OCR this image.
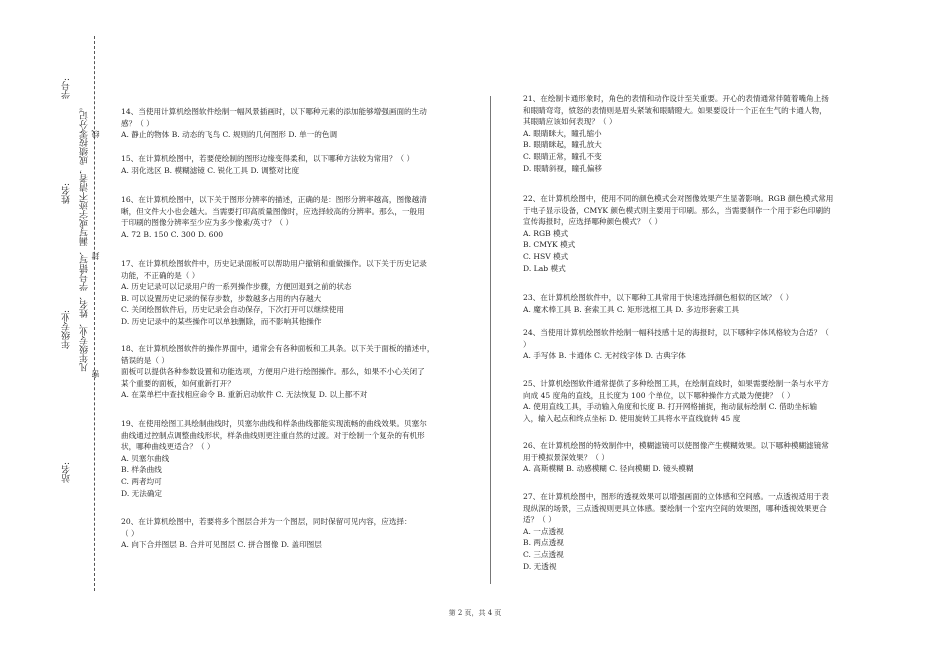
学号:
姓名: 凡年级专业、姓名、学号错写、漏写或字迹不清者，成绩按零分记。
年级专业:
站名:
线
封
密

14、当使用计算机绘图软件绘制一幅风景插画时，以下哪种元素的添加能够增强画面的生动

感？（ ）

A. 静止的物体 B. 动态的飞鸟 C. 规则的几何图形 D. 单一的色调

15、在计算机绘图中，若要使绘制的图形边缘变得柔和，以下哪种方法较为常用？（ ）

A. 羽化选区 B. 模糊滤镜 C. 锐化工具 D. 调整对比度

16、在计算机绘图中，以下关于图形分辨率的描述，正确的是：图形分辨率越高，图像越清

晰，但文件大小也会越大。当需要打印高质量图像时，应选择较高的分辨率。那么，一般用

于印刷的图像分辨率至少应为多少像素/英寸？（ ）

A. 72 B. 150 C. 300 D. 600

17、在计算机绘图软件中，历史记录面板可以帮助用户撤销和重做操作。以下关于历史记录

功能，不正确的是（ ）

A. 历史记录可以记录用户的一系列操作步骤，方便回退到之前的状态

B. 可以设置历史记录的保存步数，步数越多占用的内存越大

C. 关闭绘图软件后，历史记录会自动保存，下次打开可以继续使用

D. 历史记录中的某些操作可以单独删除，而不影响其他操作

18、在计算机绘图软件的操作界面中，通常会有各种面板和工具条。以下关于面板的描述中，

错误的是（ ）

面板可以提供各种参数设置和功能选项，方便用户进行绘图操作。那么，如果不小心关闭了

某个重要的面板，如何重新打开？

A. 在菜单栏中查找相应命令 B. 重新启动软件 C. 无法恢复 D. 以上都不对

19、在使用绘图工具绘制曲线时，贝塞尔曲线和样条曲线都能实现流畅的曲线效果。贝塞尔

曲线通过控制点调整曲线形状，样条曲线则更注重自然的过渡。对于绘制一个复杂的有机形

状，哪种曲线更适合？（ ）

A. 贝塞尔曲线

B. 样条曲线

C. 两者均可

D. 无法确定

20、在计算机绘图中，若要将多个图层合并为一个图层，同时保留可见内容，应选择：

（ ）

A. 向下合并图层 B. 合并可见图层 C. 拼合图像 D. 盖印图层

21、在绘制卡通形象时，角色的表情和动作设计至关重要。开心的表情通常伴随着嘴角上扬

和眼睛弯弯，愤怒的表情则是眉头紧皱和眼睛瞪大。如果要设计一个正在生气的卡通人物，

其眼睛应该如何表现？（ ）

A. 眼睛眯大，瞳孔缩小

B. 眼睛眯起，瞳孔放大

C. 眼睛正常，瞳孔不变

D. 眼睛斜视，瞳孔偏移

22、在计算机绘图中，使用不同的颜色模式会对图像效果产生显著影响。RGB 颜色模式常用

于电子显示设备，CMYK 颜色模式则主要用于印刷。那么，当需要制作一个用于彩色印刷的

宣传海报时，应选择哪种颜色模式？（ ）

A. RGB 模式

B. CMYK 模式

C. HSV 模式

D. Lab 模式

23、在计算机绘图软件中，以下哪种工具常用于快速选择颜色相似的区域？（ ）

A. 魔术棒工具 B. 套索工具 C. 矩形选框工具 D. 多边形套索工具

24、当使用计算机绘图软件绘制一幅科技感十足的海报时，以下哪种字体风格较为合适？（

）

A. 手写体 B. 卡通体 C. 无衬线字体 D. 古典字体

25、计算机绘图软件通常提供了多种绘图工具，在绘制直线时，如果需要绘制一条与水平方

向成 45 度角的直线，且长度为 100 个单位，以下哪种操作方式最为便捷？（ ）

A. 使用直线工具，手动输入角度和长度 B. 打开网格捕捉，拖动鼠标绘制 C. 借助坐标输

入，输入起点和终点坐标 D. 使用旋转工具将水平直线旋转 45 度

26、在计算机绘图的特效制作中，模糊滤镜可以使图像产生模糊效果。以下哪种模糊滤镜常

用于模拟景深效果？（ ）

A. 高斯模糊 B. 动感模糊 C. 径向模糊 D. 镜头模糊

27、在计算机绘图中，图形的透视效果可以增强画面的立体感和空间感。一点透视适用于表

现纵深的场景，三点透视则更具立体感。要绘制一个室内空间的效果图，哪种透视效果更合

适？（ ）

A. 一点透视

B. 两点透视

C. 三点透视

D. 无透视

第 2 页，共 4 页
